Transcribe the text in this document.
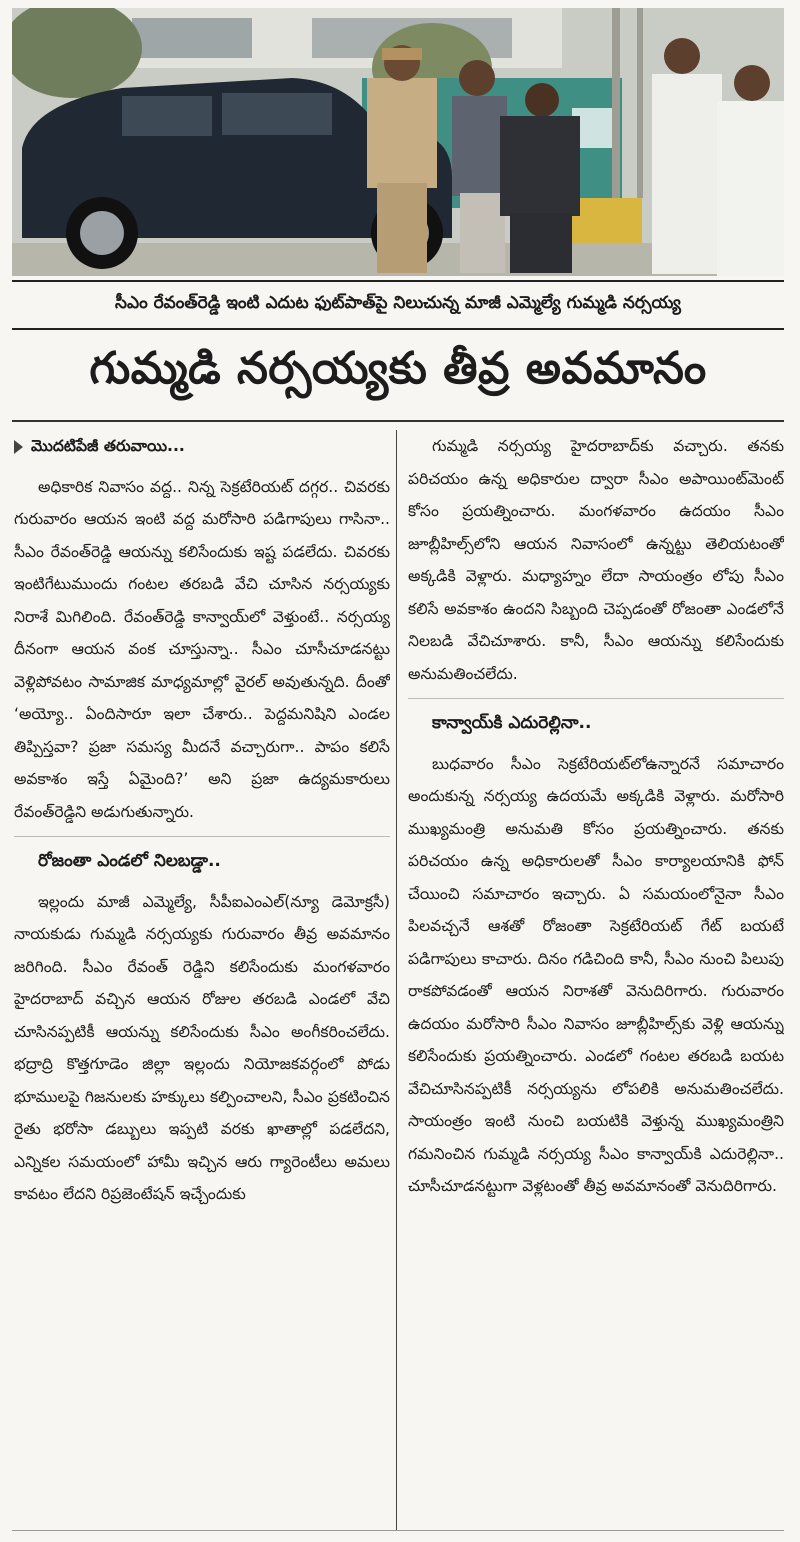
సీఎం రేవంత్‌రెడ్డి ఇంటి ఎదుట ఫుట్‌పాత్‌పై నిలుచున్న మాజీ ఎమ్మెల్యే గుమ్మడి నర్సయ్య
గుమ్మడి నర్సయ్యకు తీవ్ర అవమానం

మొదటిపేజీ తరువాయి...

అధికారిక నివాసం వద్ద.. నిన్న సెక్రటేరియట్ దగ్గర.. చివరకు గురువారం ఆయన ఇంటి వద్ద మరోసారి పడిగాపులు గాసినా.. సీఎం రేవంత్‌రెడ్డి ఆయన్ను కలిసేందుకు ఇష్ట పడలేదు. చివరకు ఇంటిగేటుముందు గంటల తరబడి వేచి చూసిన నర్సయ్యకు నిరాశే మిగిలింది. రేవంత్‌రెడ్డి కాన్వాయ్‌లో వెళ్తుంటే.. నర్సయ్య దీనంగా ఆయన వంక చూస్తున్నా.. సీఎం చూసీచూడనట్టు వెళ్లిపోవటం సామాజిక మాధ్యమాల్లో వైరల్ అవుతున్నది. దీంతో ‘అయ్యో.. ఏందిసారూ ఇలా చేశారు.. పెద్దమనిషిని ఎండల తిప్పిస్తవా? ప్రజా సమస్య మీదనే వచ్చారుగా.. పాపం కలిసే అవకాశం ఇస్తే ఏమైంది?’ అని ప్రజా ఉద్యమకారులు రేవంత్‌రెడ్డిని అడుగుతున్నారు.

రోజంతా ఎండలో నిలబడ్డా..

ఇల్లందు మాజీ ఎమ్మెల్యే, సీపీఐఎంఎల్(న్యూ డెమోక్రసీ) నాయకుడు గుమ్మడి నర్సయ్యకు గురువారం తీవ్ర అవమానం జరిగింది. సీఎం రేవంత్ రెడ్డిని కలిసేందుకు మంగళవారం హైదరాబాద్ వచ్చిన ఆయన రోజుల తరబడి ఎండలో వేచి చూసినప్పటికీ ఆయన్ను కలిసేందుకు సీఎం అంగీకరించలేదు. భద్రాద్రి కొత్తగూడెం జిల్లా ఇల్లందు నియోజకవర్గంలో పోడు భూములపై గిజనులకు హక్కులు కల్పించాలని, సీఎం ప్రకటించిన రైతు భరోసా డబ్బులు ఇప్పటి వరకు ఖాతాల్లో పడలేదని, ఎన్నికల సమయంలో హామీ ఇచ్చిన ఆరు గ్యారెంటీలు అమలు కావటం లేదని రిప్రజెంటేషన్ ఇచ్చేందుకు

గుమ్మడి నర్సయ్య హైదరాబాద్‌కు వచ్చారు. తనకు పరిచయం ఉన్న అధికారుల ద్వారా సీఎం అపాయింట్‌మెంట్ కోసం ప్రయత్నించారు. మంగళవారం ఉదయం సీఎం జూబ్లీహిల్స్‌లోని ఆయన నివాసంలో ఉన్నట్టు తెలియటంతో అక్కడికి వెళ్లారు. మధ్యాహ్నం లేదా సాయంత్రం లోపు సీఎం కలిసే అవకాశం ఉందని సిబ్బంది చెప్పడంతో రోజంతా ఎండలోనే నిలబడి వేచిచూశారు. కానీ, సీఎం ఆయన్ను కలిసేందుకు అనుమతించలేదు.

కాన్వాయ్‌కి ఎదురెల్లినా..

బుధవారం సీఎం సెక్రటేరియట్‌లోఉన్నారనే సమాచారం అందుకున్న నర్సయ్య ఉదయమే అక్కడికి వెళ్లారు. మరోసారి ముఖ్యమంత్రి అనుమతి కోసం ప్రయత్నించారు. తనకు పరిచయం ఉన్న అధికారులతో సీఎం కార్యాలయానికి ఫోన్ చేయించి సమాచారం ఇచ్చారు. ఏ సమయంలోనైనా సీఎం పిలవచ్చనే ఆశతో రోజంతా సెక్రటేరియట్ గేట్ బయటే పడిగాపులు కాచారు. దినం గడిచింది కానీ, సీఎం నుంచి పిలుపు రాకపోవడంతో ఆయన నిరాశతో వెనుదిరిగారు. గురువారం ఉదయం మరోసారి సీఎం నివాసం జూబ్లీహిల్స్‌కు వెళ్లి ఆయన్ను కలిసేందుకు ప్రయత్నించారు. ఎండలో గంటల తరబడి బయట వేచిచూసినప్పటికీ నర్సయ్యను లోపలికి అనుమతించలేదు. సాయంత్రం ఇంటి నుంచి బయటికి వెళ్తున్న ముఖ్యమంత్రిని గమనించిన గుమ్మడి నర్సయ్య సీఎం కాన్వాయ్‌కి ఎదురెల్లినా.. చూసీచూడనట్టుగా వెళ్లటంతో తీవ్ర అవమానంతో వెనుదిరిగారు.
